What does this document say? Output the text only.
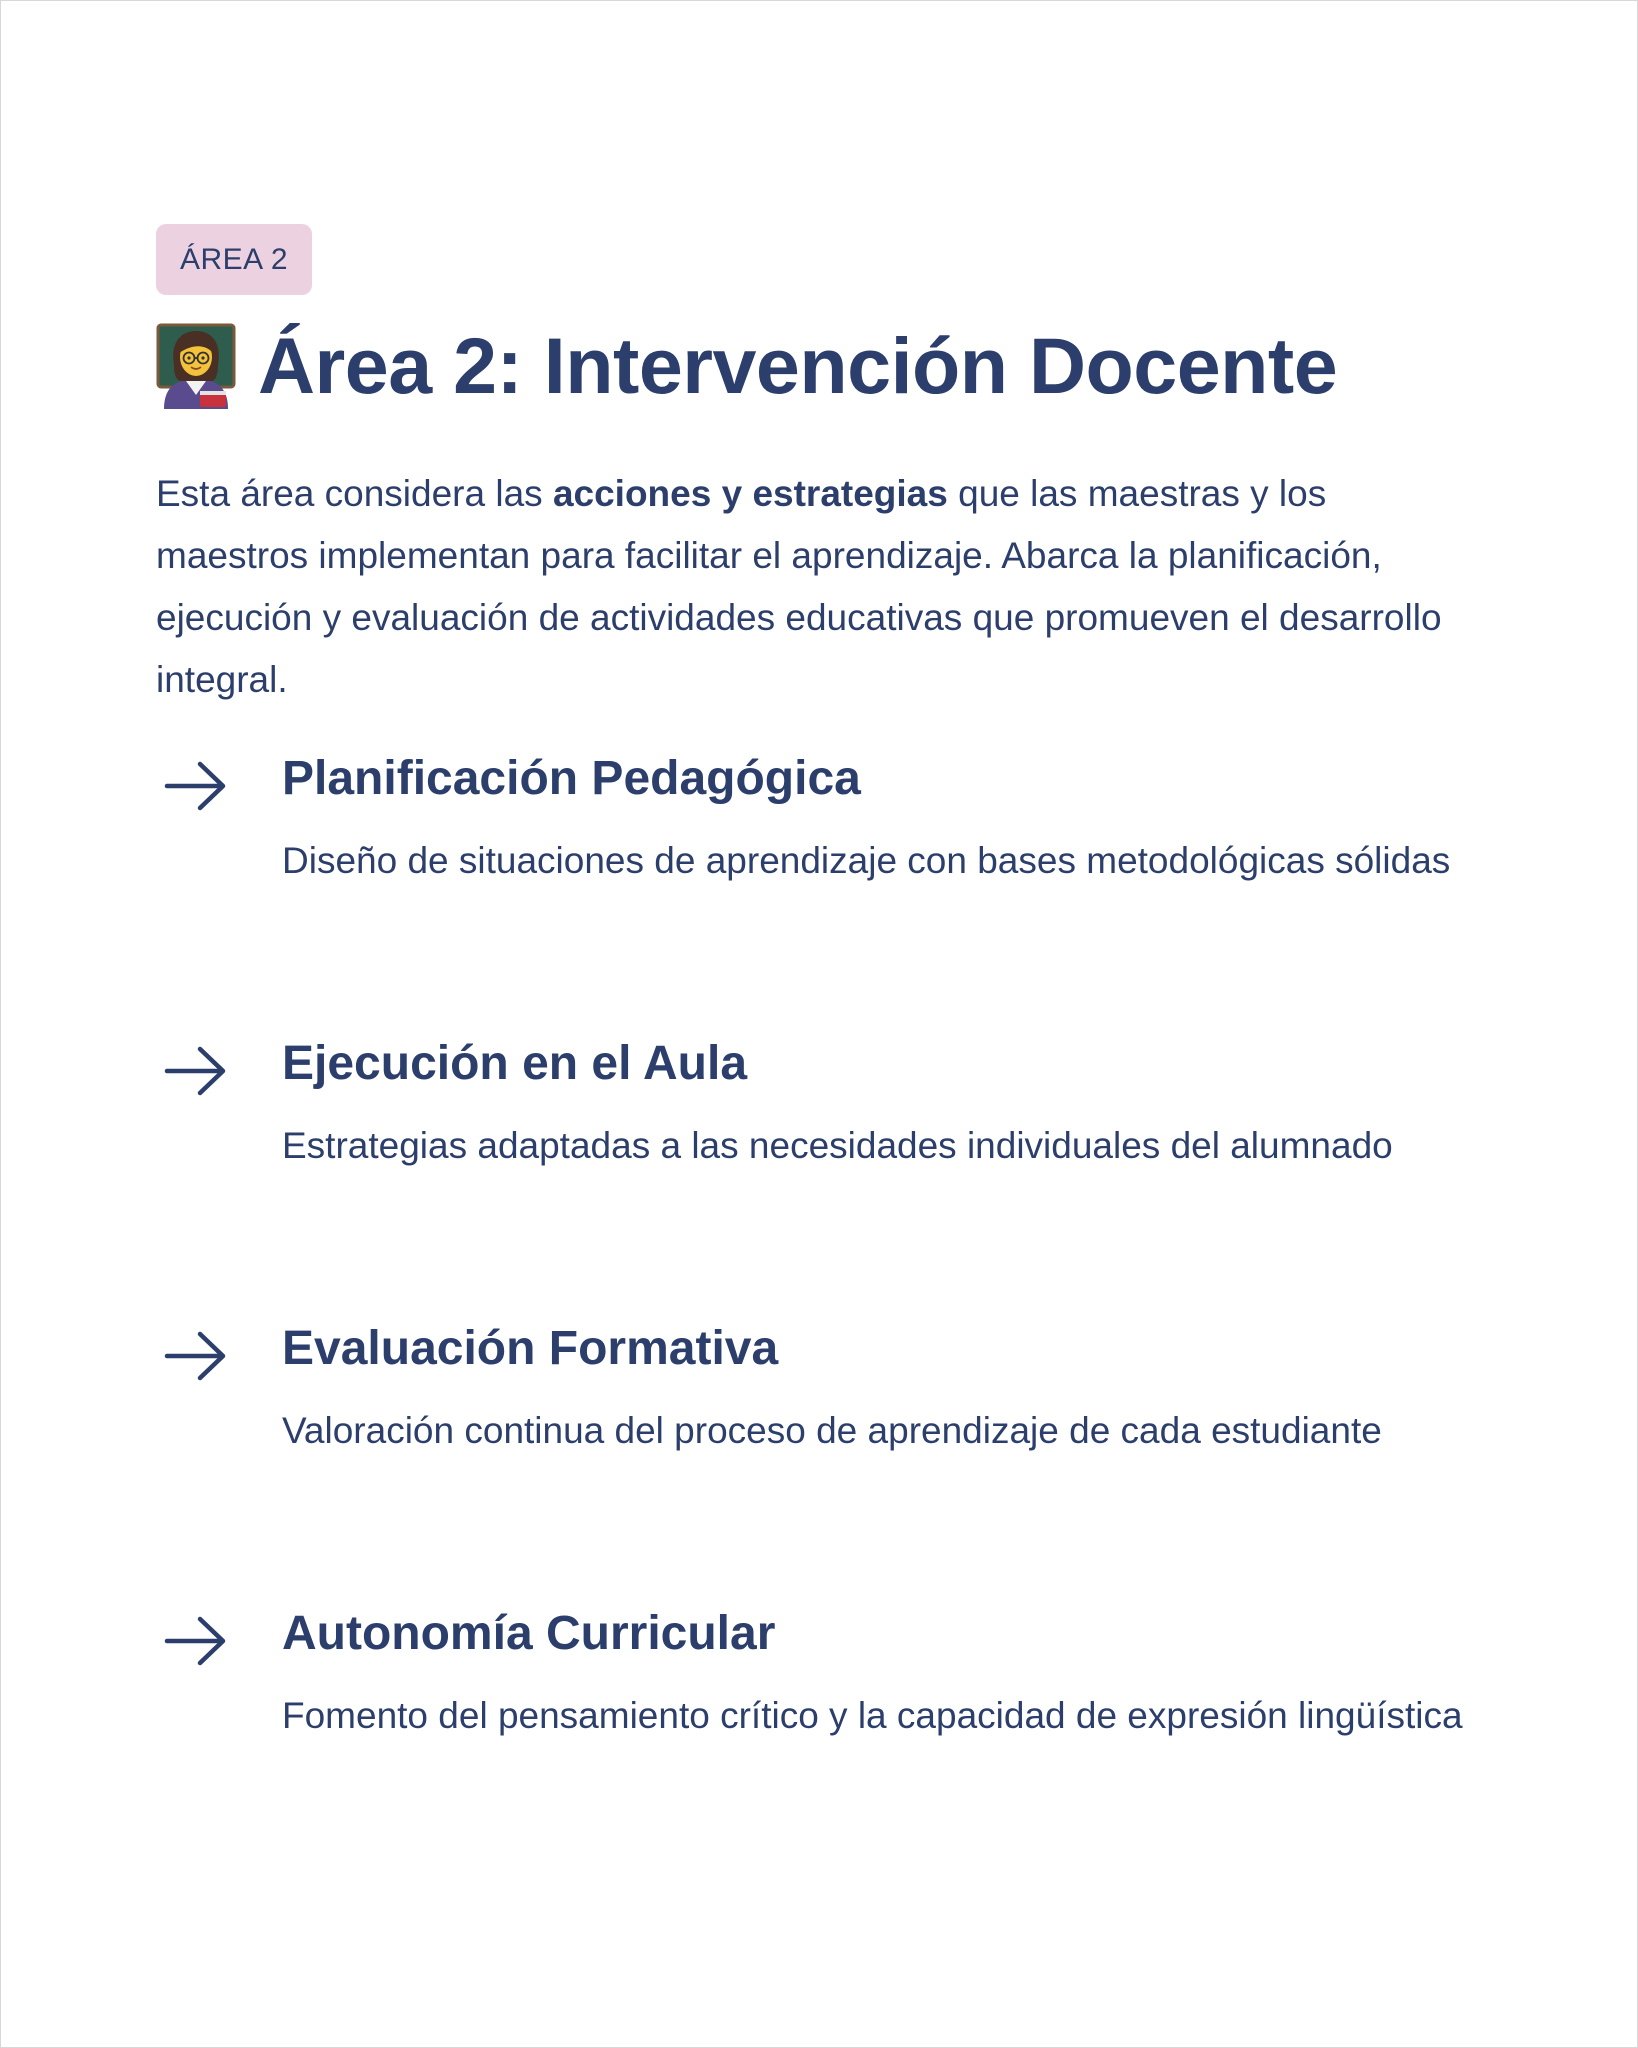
ÁREA 2
Área 2: Intervención Docente

Esta área considera las acciones y estrategias que las maestras y los maestros implementan para facilitar el aprendizaje. Abarca la planificación, ejecución y evaluación de actividades educativas que promueven el desarrollo integral.

Planificación Pedagógica
Diseño de situaciones de aprendizaje con bases metodológicas sólidas
Ejecución en el Aula
Estrategias adaptadas a las necesidades individuales del alumnado
Evaluación Formativa
Valoración continua del proceso de aprendizaje de cada estudiante
Autonomía Curricular
Fomento del pensamiento crítico y la capacidad de expresión lingüística
